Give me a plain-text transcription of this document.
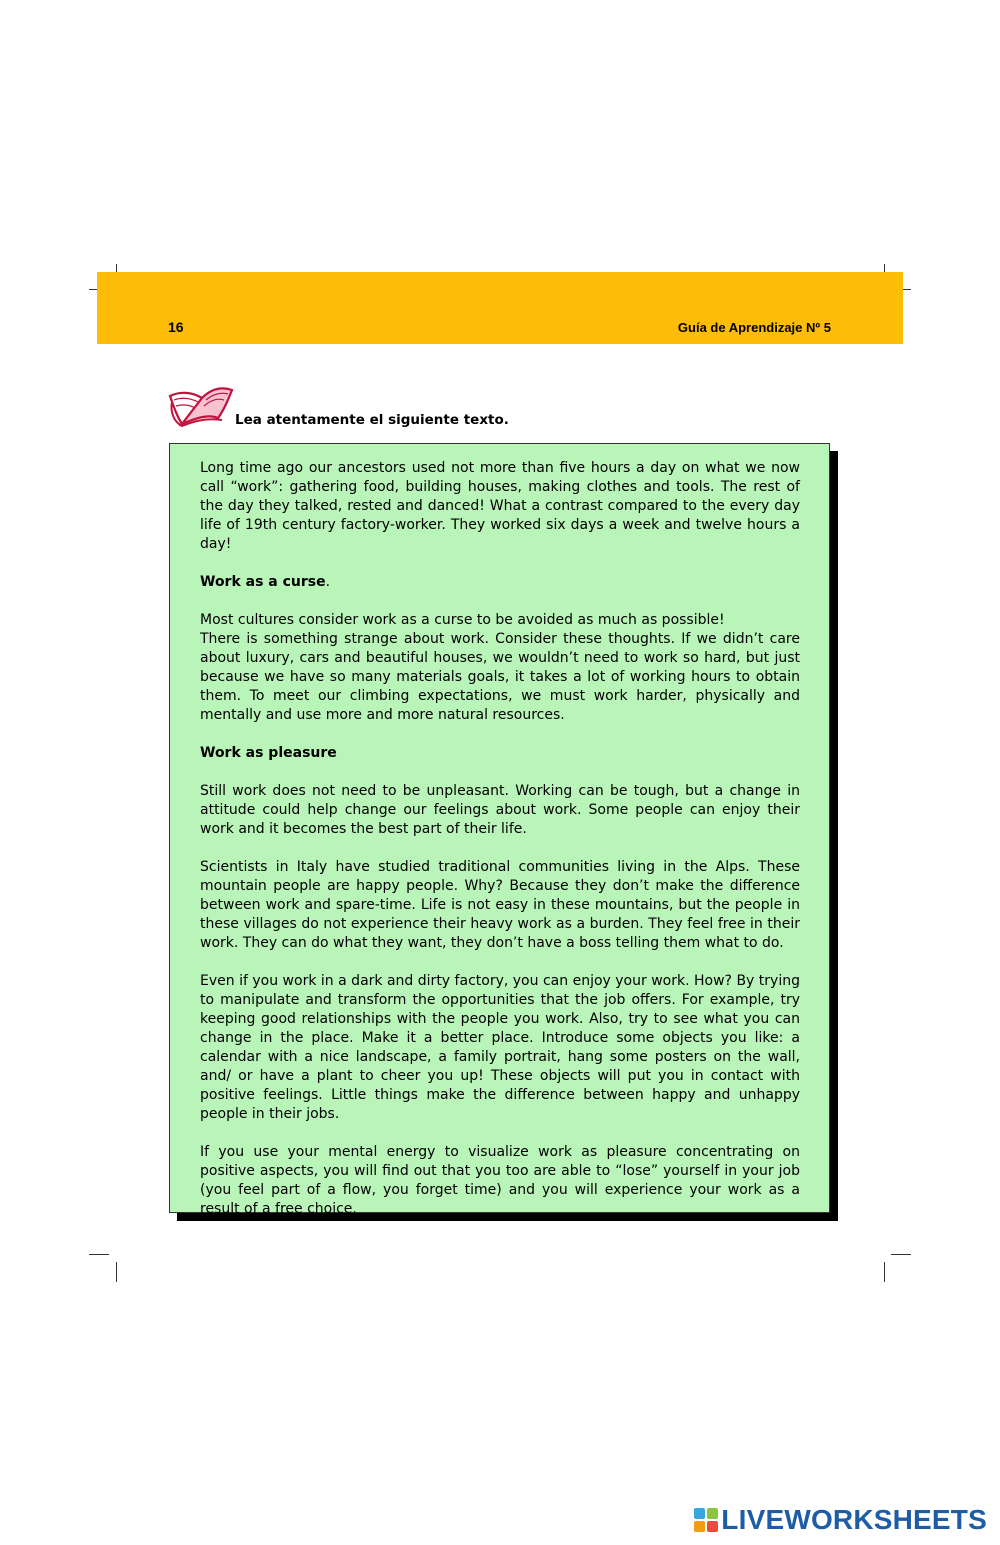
16	Guía de Aprendizaje Nº 5
Lea atentamente el siguiente texto.

Long time ago our ancestors used not more than five hours a day on what we now call “work”: gathering food, building houses, making clothes and tools. The rest of the day they talked, rested and danced! What a contrast compared to the every day life of 19th century factory-worker. They worked six days a week and twelve hours a day!

Work as a curse.

Most cultures consider work as a curse to be avoided as much as possible!

There is something strange about work. Consider these thoughts. If we didn’t care about luxury, cars and beautiful houses, we wouldn’t need to work so hard, but just because we have so many materials goals, it takes a lot of working hours to obtain them. To meet our climbing expectations, we must work harder, physically and mentally and use more and more natural resources.

Work as pleasure

Still work does not need to be unpleasant. Working can be tough, but a change in attitude could help change our feelings about work. Some people can enjoy their work and it becomes the best part of their life.

Scientists in Italy have studied traditional communities living in the Alps. These mountain people are happy people. Why? Because they don’t make the difference between work and spare-time. Life is not easy in these mountains, but the people in these villages do not experience their heavy work as a burden. They feel free in their work. They can do what they want, they don’t have a boss telling them what to do.

Even if you work in a dark and dirty factory, you can enjoy your work. How? By trying to manipulate and transform the opportunities that the job offers. For example, try keeping good relationships with the people you work. Also, try to see what you can change in the place. Make it a better place. Introduce some objects you like: a calendar with a nice landscape, a family portrait, hang some posters on the wall, and/ or have a plant to cheer you up! These objects will put you in contact with positive feelings. Little things make the difference between happy and unhappy people in their jobs.

If you use your mental energy to visualize work as pleasure concentrating on positive aspects, you will find out that you too are able to “lose” yourself in your job (you feel part of a flow, you forget time) and you will experience your work as a result of a free choice.

LIVEWORKSHEETS
